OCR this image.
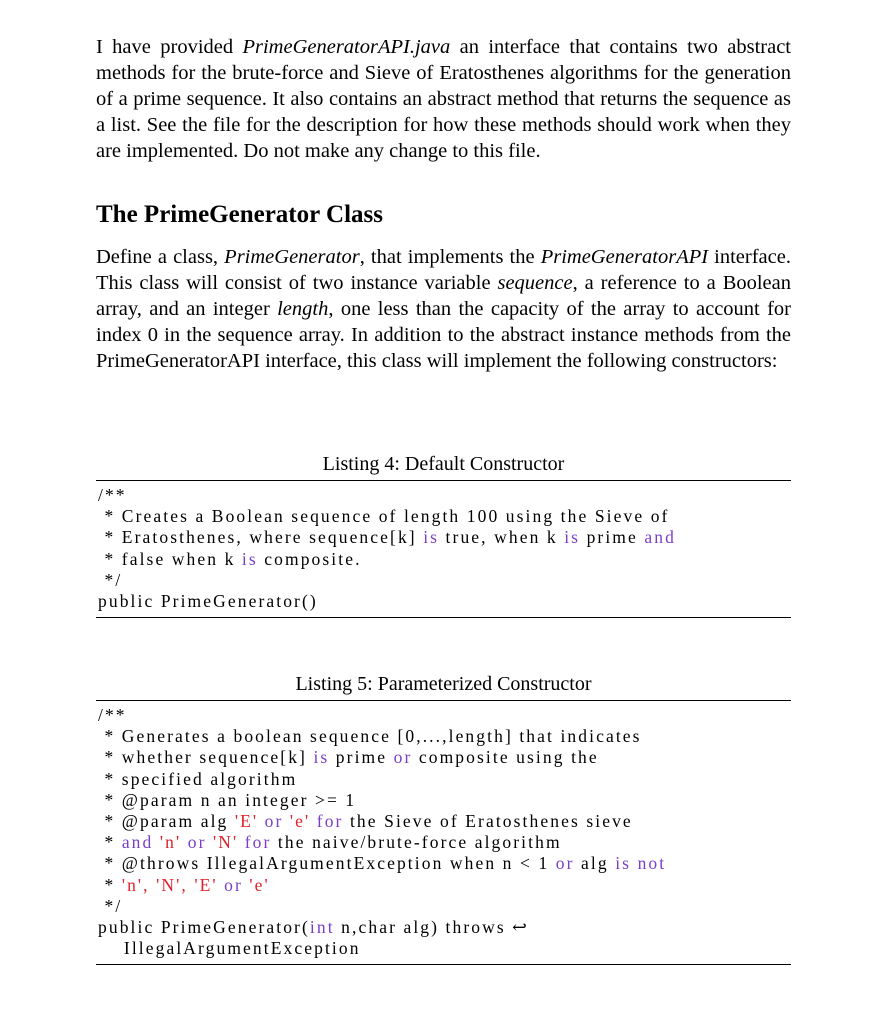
I have provided PrimeGeneratorAPI.java an interface that contains two abstract methods for the brute-force and Sieve of Eratosthenes algorithms for the generation of a prime sequence. It also contains an abstract method that returns the sequence as a list. See the file for the description for how these methods should work when they are implemented. Do not make any change to this file.

The PrimeGenerator Class

Define a class, PrimeGenerator, that implements the PrimeGeneratorAPI interface. This class will consist of two instance variable sequence, a reference to a Boolean array, and an integer length, one less than the capacity of the array to account for index 0 in the sequence array. In addition to the abstract instance methods from the PrimeGeneratorAPI interface, this class will implement the following constructors:

Listing 4: Default Constructor
/**
* Creates a Boolean sequence of length 100 using the Sieve of
* Eratosthenes, where sequence[k] is true, when k is prime and
* false when k is composite.
*/
public PrimeGenerator()
Listing 5: Parameterized Constructor
/**
* Generates a boolean sequence [0,...,length] that indicates
* whether sequence[k] is prime or composite using the
* specified algorithm
* @param n an integer >= 1
* @param alg 'E' or 'e' for the Sieve of Eratosthenes sieve
* and 'n' or 'N' for the naive/brute-force algorithm
* @throws IllegalArgumentException when n < 1 or alg is not
* 'n', 'N', 'E' or 'e'
*/
public PrimeGenerator(int n,char alg) throws ↩
IllegalArgumentException
